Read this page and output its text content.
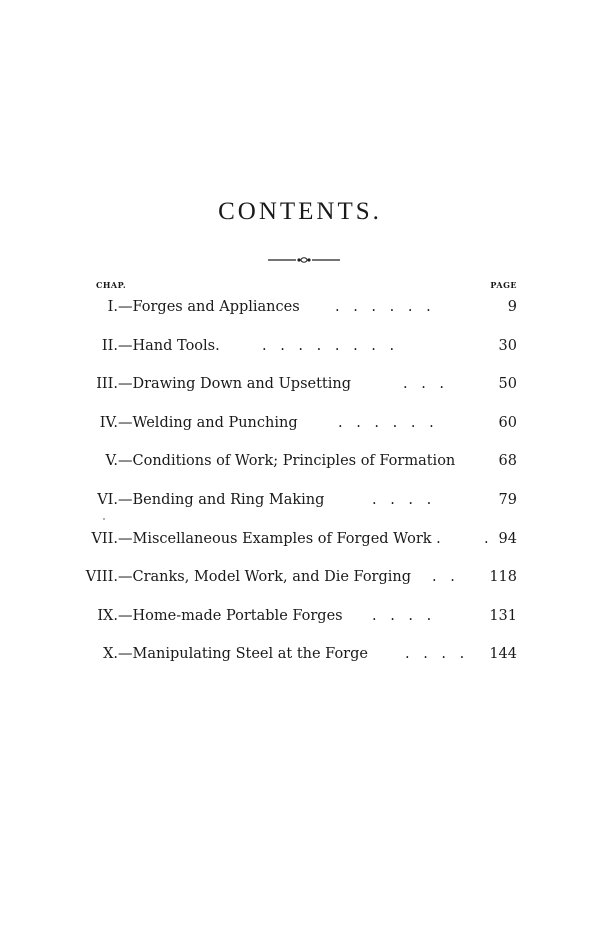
CONTENTS.
CHAP.	PAGE
I. —Forges and Appliances . . . . . .	9
II. —Hand Tools.	. . . . . . . .	30
III. —Drawing Down and Upsetting	. . .	50
IV. —Welding and Punching	. . . . . .	60
V. —Conditions of Work; Principles of Formation	68
VI. —Bending and Ring Making	. . . .	79
VII. —Miscellaneous Examples of Forged Work .	. 94
VIII. —Cranks, Model Work, and Die Forging . . 118
IX. —Home-made Portable Forges . . . .	131
X. —Manipulating Steel at the Forge	. . . . 144
